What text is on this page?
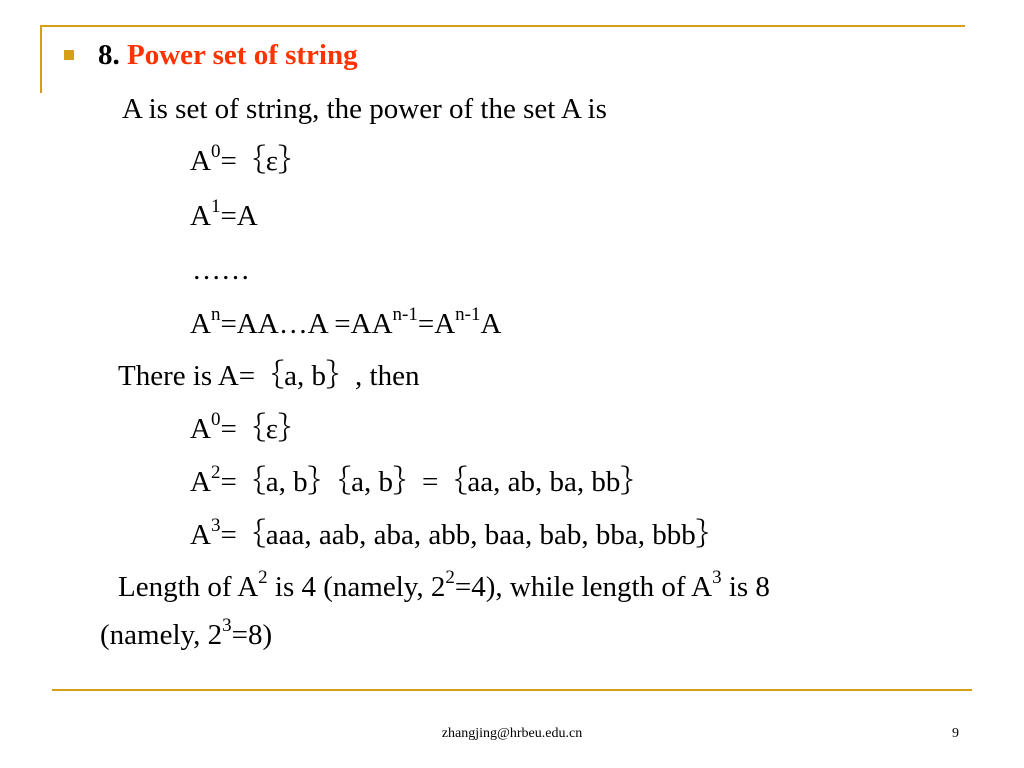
8. Power set of string
A is set of string, the power of the set A is
$A^0=\{\varepsilon\}$
$A^1=A$
……
$A^n=AA\dots A =AA^{n-1}=A^{n-1}A$
There is A=｛a, b｝, then
$A^0=\{\varepsilon\}$
$A^2=\{a$, b｝｛a, b｝=｛aa, ab, ba, bb｝
$A^3=\{aaa$, aab, aba, abb, baa, bab, bba, bbb｝
Length of $A^2$ is 4 (namely, $2^2=4$), while length of $A^3$ is 8
(namely, $2^3=8$)
zhangjing@hrbeu.edu.cn	9
